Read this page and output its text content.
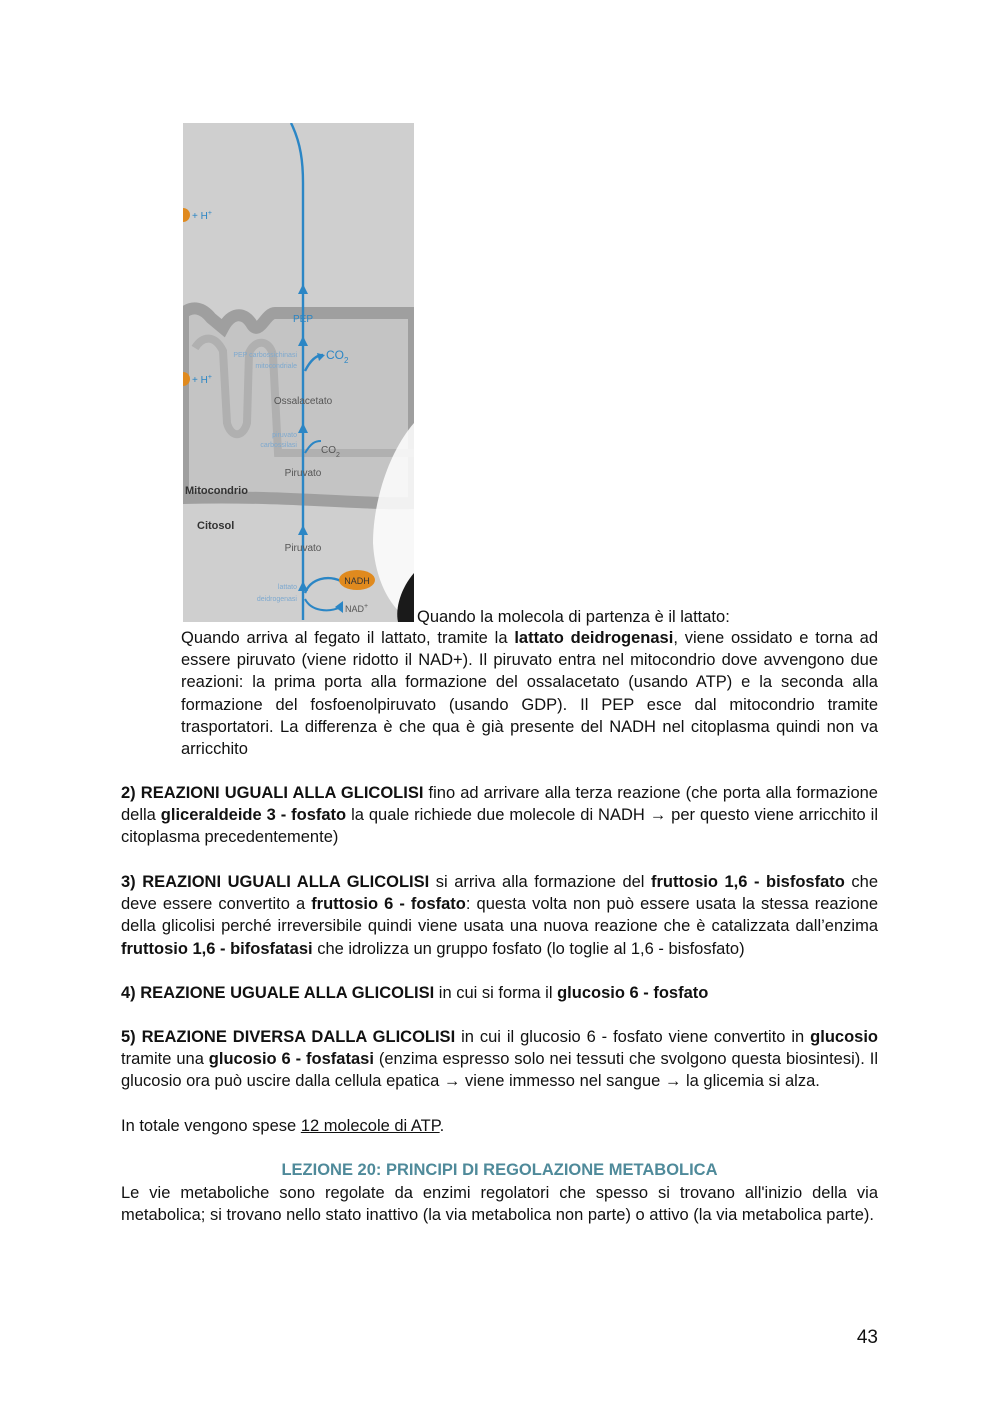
+ H+
+ H+
PEP
$CO_2$
PEP carbossichinasi
mitocondriale
Ossalacetato
piruvato
carbossilasi $CO_2$
Piruvato
Mitocondrio
Citosol
Piruvato
lattato
deidrogenasi
NADH
NAD+
Quando la molecola di partenza è il lattato:

Quando arriva al fegato il lattato, tramite la lattato deidrogenasi, viene ossidato e torna ad essere piruvato (viene ridotto il NAD+). Il piruvato entra nel mitocondrio dove avvengono due reazioni: la prima porta alla formazione del ossalacetato (usando ATP) e la seconda alla formazione del fosfoenolpiruvato (usando GDP). Il PEP esce dal mitocondrio tramite trasportatori. La differenza è che qua è già presente del NADH nel citoplasma quindi non va arricchito

2) REAZIONI UGUALI ALLA GLICOLISI fino ad arrivare alla terza reazione (che porta alla formazione della gliceraldeide 3 - fosfato la quale richiede due molecole di NADH → per questo viene arricchito il citoplasma precedentemente)

3) REAZIONI UGUALI ALLA GLICOLISI si arriva alla formazione del fruttosio 1,6 - bisfosfato che deve essere convertito a fruttosio 6 - fosfato: questa volta non può essere usata la stessa reazione della glicolisi perché irreversibile quindi viene usata una nuova reazione che è catalizzata dall’enzima fruttosio 1,6 - bifosfatasi che idrolizza un gruppo fosfato (lo toglie al 1,6 - bisfosfato)

4) REAZIONE UGUALE ALLA GLICOLISI in cui si forma il glucosio 6 - fosfato

5) REAZIONE DIVERSA DALLA GLICOLISI in cui il glucosio 6 - fosfato viene convertito in glucosio tramite una glucosio 6 - fosfatasi (enzima espresso solo nei tessuti che svolgono questa biosintesi). Il glucosio ora può uscire dalla cellula epatica → viene immesso nel sangue → la glicemia si alza.

In totale vengono spese 12 molecole di ATP.

LEZIONE 20: PRINCIPI DI REGOLAZIONE METABOLICA

Le vie metaboliche sono regolate da enzimi regolatori che spesso si trovano all'inizio della via metabolica; si trovano nello stato inattivo (la via metabolica non parte) o attivo (la via metabolica parte).

43
